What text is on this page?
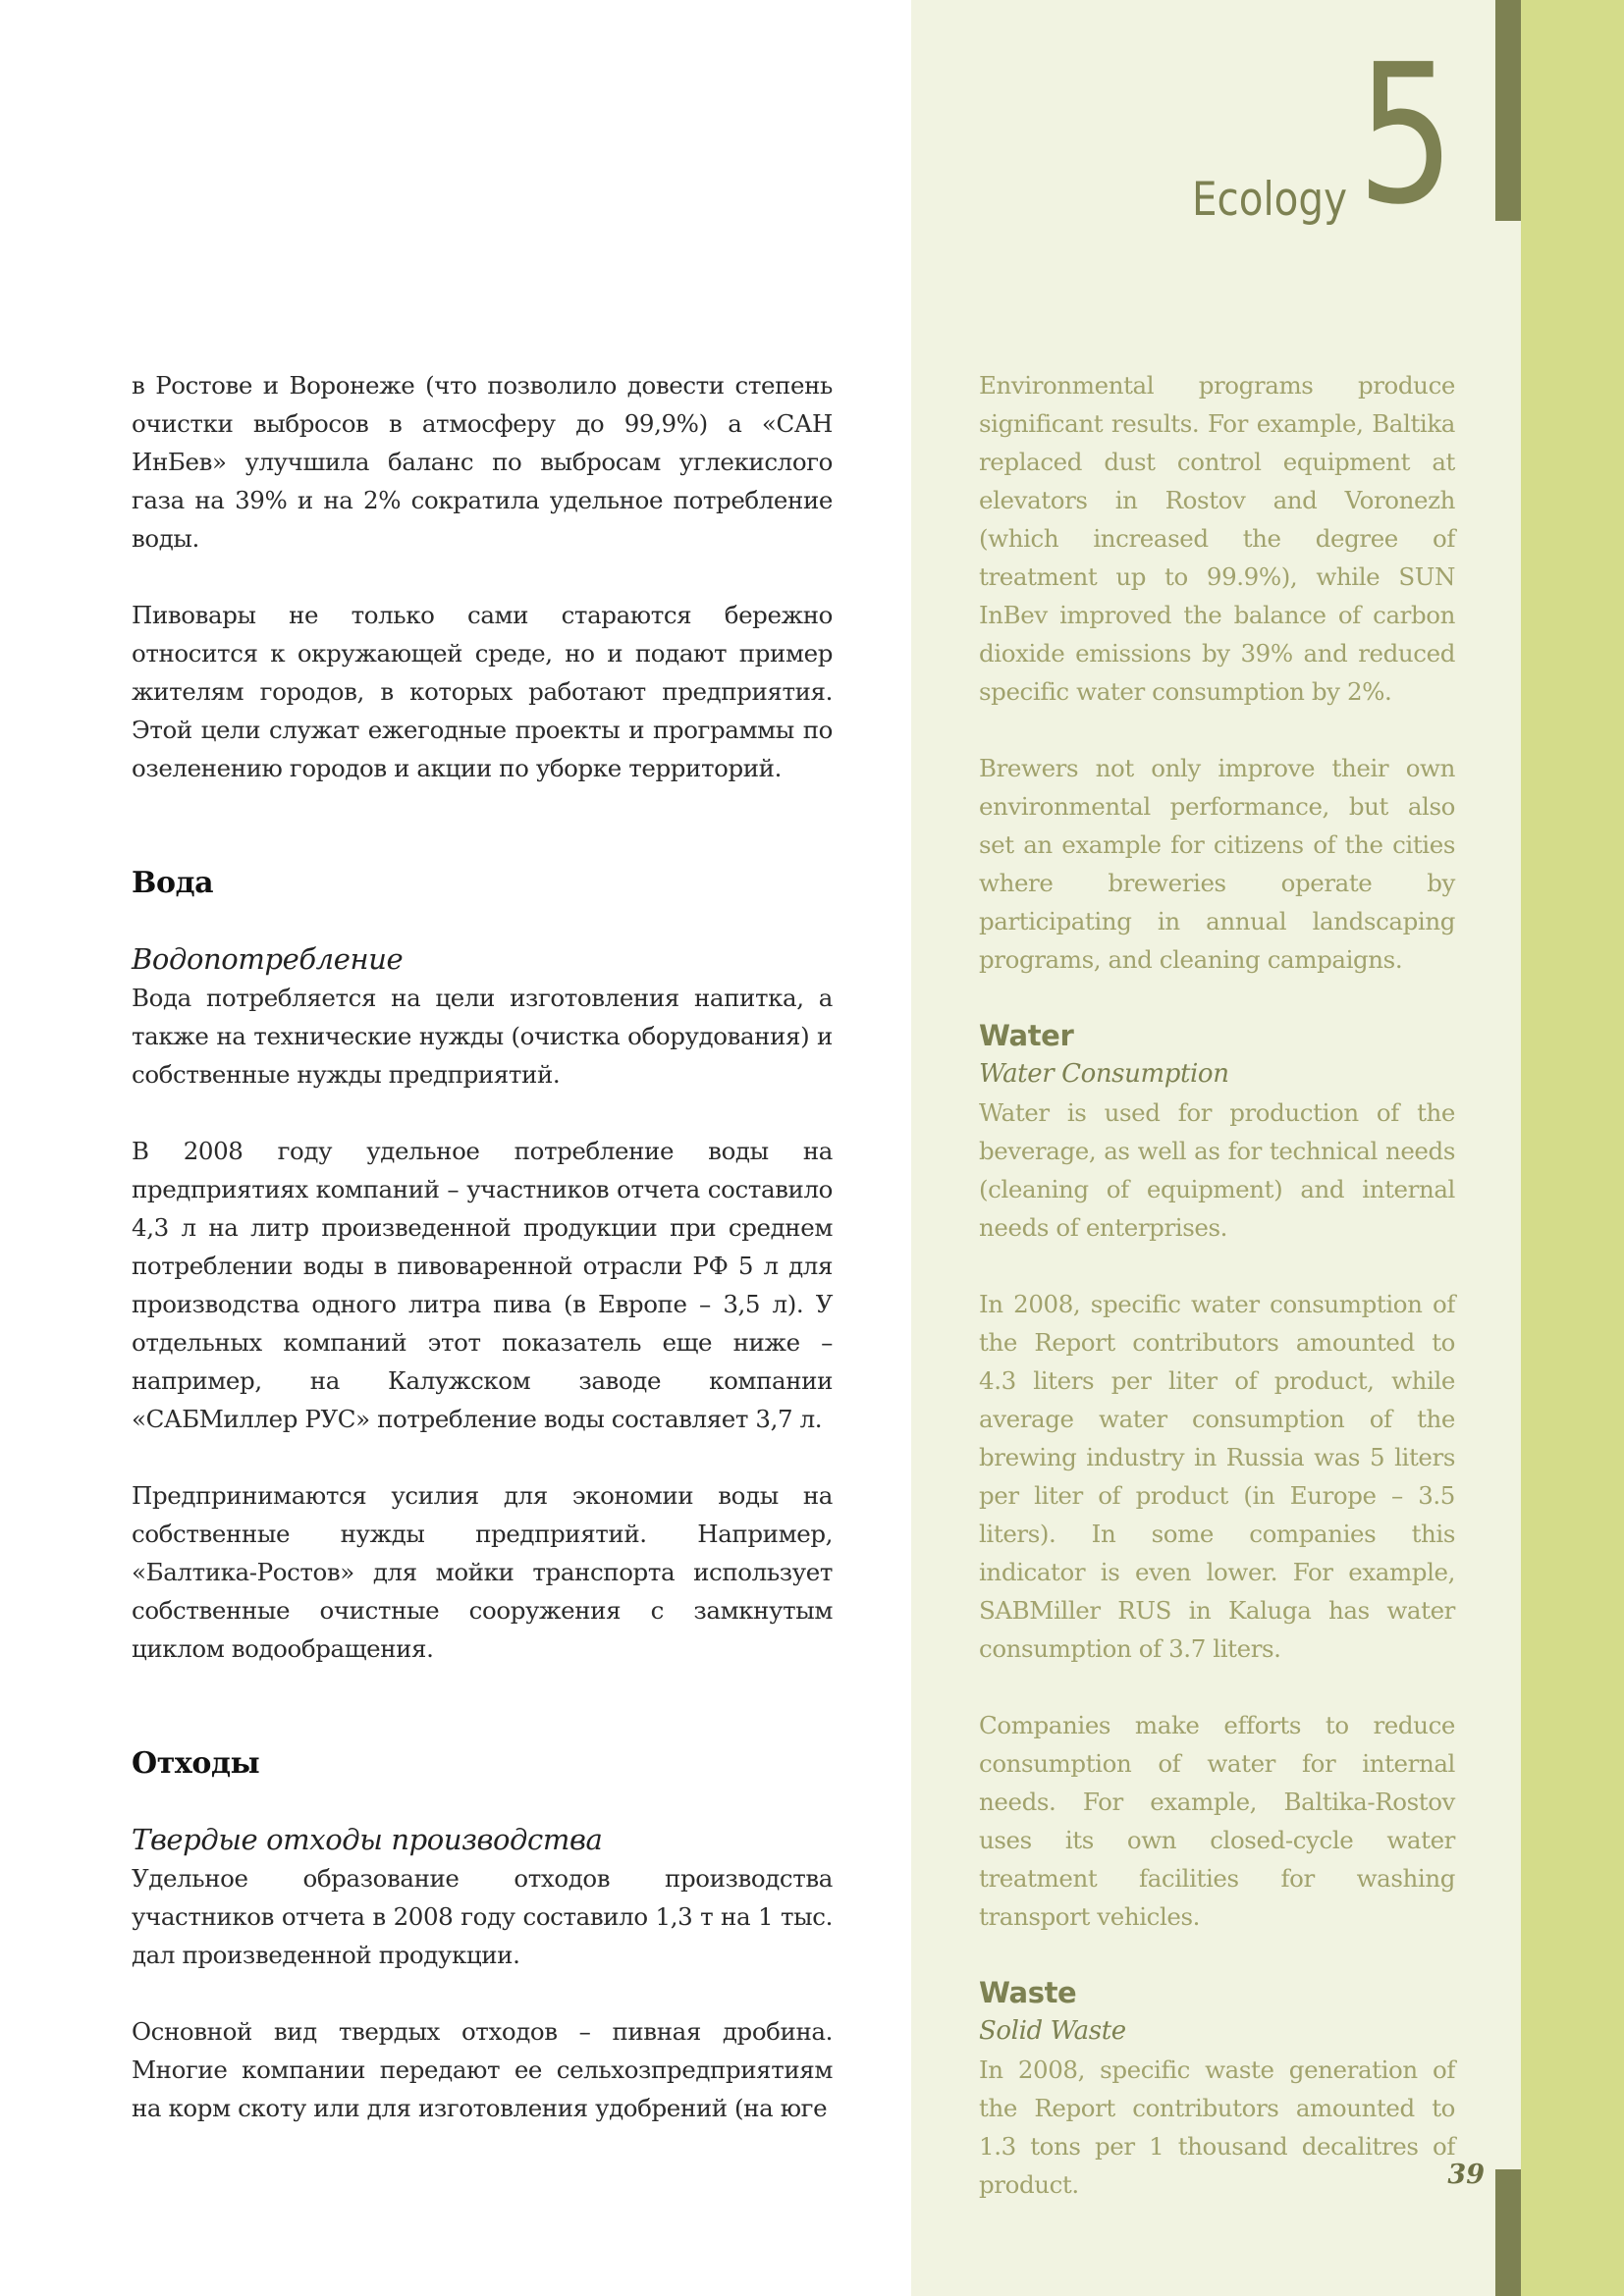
Ecology 5

в Ростове и Воронеже (что позволило довести степень очистки выбросов в атмосферу до 99,9%) а «САН ИнБев» улучшила баланс по выбросам углекислого газа на 39% и на 2% сократила удельное потребление воды.

Пивовары не только сами стараются бережно относится к окружающей среде, но и подают пример жителям городов, в которых работают предприятия. Этой цели служат ежегодные проекты и программы по озеленению городов и акции по уборке территорий.

Вода

Водопотребление

Вода потребляется на цели изготовления напитка, а также на технические нужды (очистка оборудования) и собственные нужды предприятий.

В 2008 году удельное потребление воды на предприятиях компаний – участников отчета составило 4,3 л на литр произведенной продукции при среднем потреблении воды в пивоваренной отрасли РФ 5 л для производства одного литра пива (в Европе – 3,5 л). У отдельных компаний этот показатель еще ниже – например, на Калужском заводе компании «САБМиллер РУС» потребление воды составляет 3,7 л.

Предпринимаются усилия для экономии воды на собственные нужды предприятий. Например, «Балтика-Ростов» для мойки транспорта использует собственные очистные сооружения с замкнутым циклом водообращения.

Отходы

Твердые отходы производства

Удельное образование отходов производства участников отчета в 2008 году составило 1,3 т на 1 тыс. дал произведенной продукции.

Основной вид твердых отходов – пивная дробина. Многие компании передают ее сельхозпредприятиям на корм скоту или для изготовления удобрений (на юге

Environmental programs produce significant results. For example, Baltika replaced dust control equipment at elevators in Rostov and Voronezh (which increased the degree of treatment up to 99.9%), while SUN InBev improved the balance of carbon dioxide emissions by 39% and reduced specific water consumption by 2%.

Brewers not only improve their own environmental performance, but also set an example for citizens of the cities where breweries operate by participating in annual landscaping programs, and cleaning campaigns.

Water

Water Consumption

Water is used for production of the beverage, as well as for technical needs (cleaning of equipment) and internal needs of enterprises.

In 2008, specific water consumption of the Report contributors amounted to 4.3 liters per liter of product, while average water consumption of the brewing industry in Russia was 5 liters per liter of product (in Europe – 3.5 liters). In some companies this indicator is even lower. For example, SABMiller RUS in Kaluga has water consumption of 3.7 liters.

Companies make efforts to reduce consumption of water for internal needs. For example, Baltika-Rostov uses its own closed-cycle water treatment facilities for washing transport vehicles.

Waste

Solid Waste

In 2008, specific waste generation of the Report contributors amounted to 1.3 tons per 1 thousand decalitres of product.	39
